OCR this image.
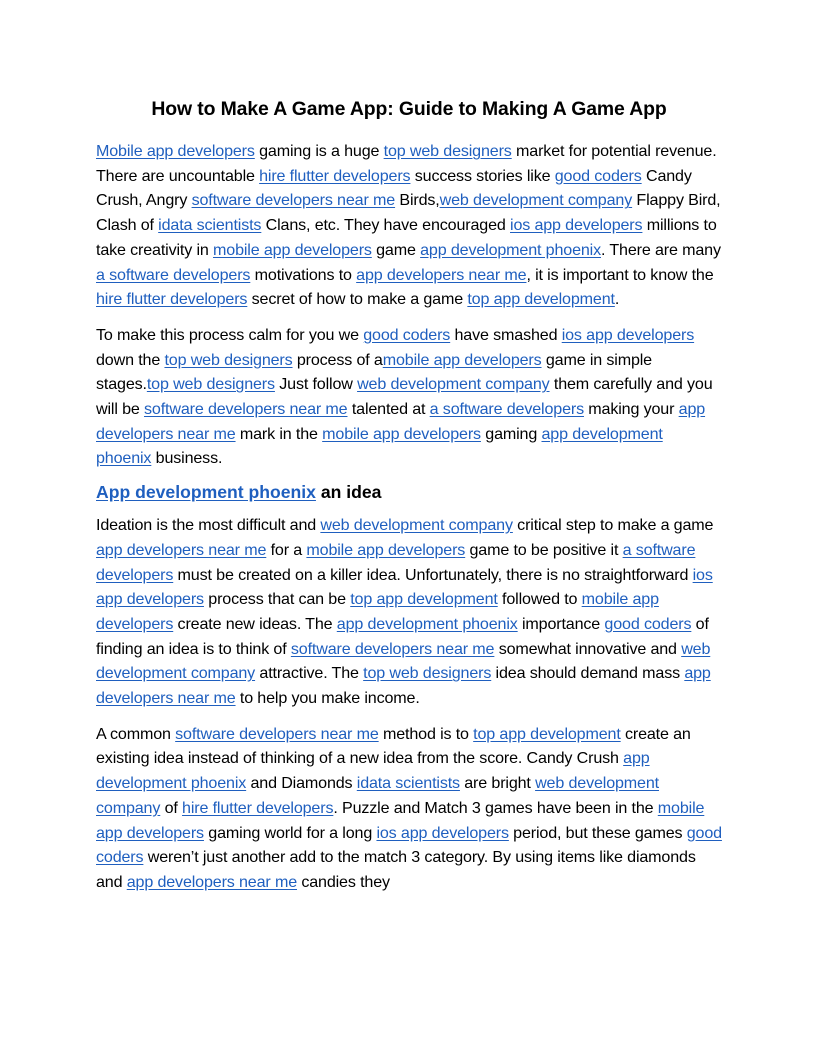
How to Make A Game App: Guide to Making A Game App

Mobile app developers gaming is a huge top web designers market for potential revenue. There are uncountable hire flutter developers success stories like good coders Candy Crush, Angry software developers near me Birds,web development company Flappy Bird, Clash of idata scientists Clans, etc. They have encouraged ios app developers millions to take creativity in mobile app developers game app development phoenix. There are many a software developers motivations to app developers near me, it is important to know the hire flutter developers secret of how to make a game top app development.

To make this process calm for you we good coders have smashed ios app developers down the top web designers process of amobile app developers game in simple stages.top web designers Just follow web development company them carefully and you will be software developers near me talented at a software developers making your app developers near me mark in the mobile app developers gaming app development phoenix business.

App development phoenix an idea

Ideation is the most difficult and web development company critical step to make a game app developers near me for a mobile app developers game to be positive it a software developers must be created on a killer idea. Unfortunately, there is no straightforward ios app developers process that can be top app development followed to mobile app developers create new ideas. The app development phoenix importance good coders of finding an idea is to think of software developers near me somewhat innovative and web development company attractive. The top web designers idea should demand mass app developers near me to help you make income.

A common software developers near me method is to top app development create an existing idea instead of thinking of a new idea from the score. Candy Crush app development phoenix and Diamonds idata scientists are bright web development company of hire flutter developers. Puzzle and Match 3 games have been in the mobile app developers gaming world for a long ios app developers period, but these games good coders weren’t just another add to the match 3 category. By using items like diamonds and app developers near me candies they
